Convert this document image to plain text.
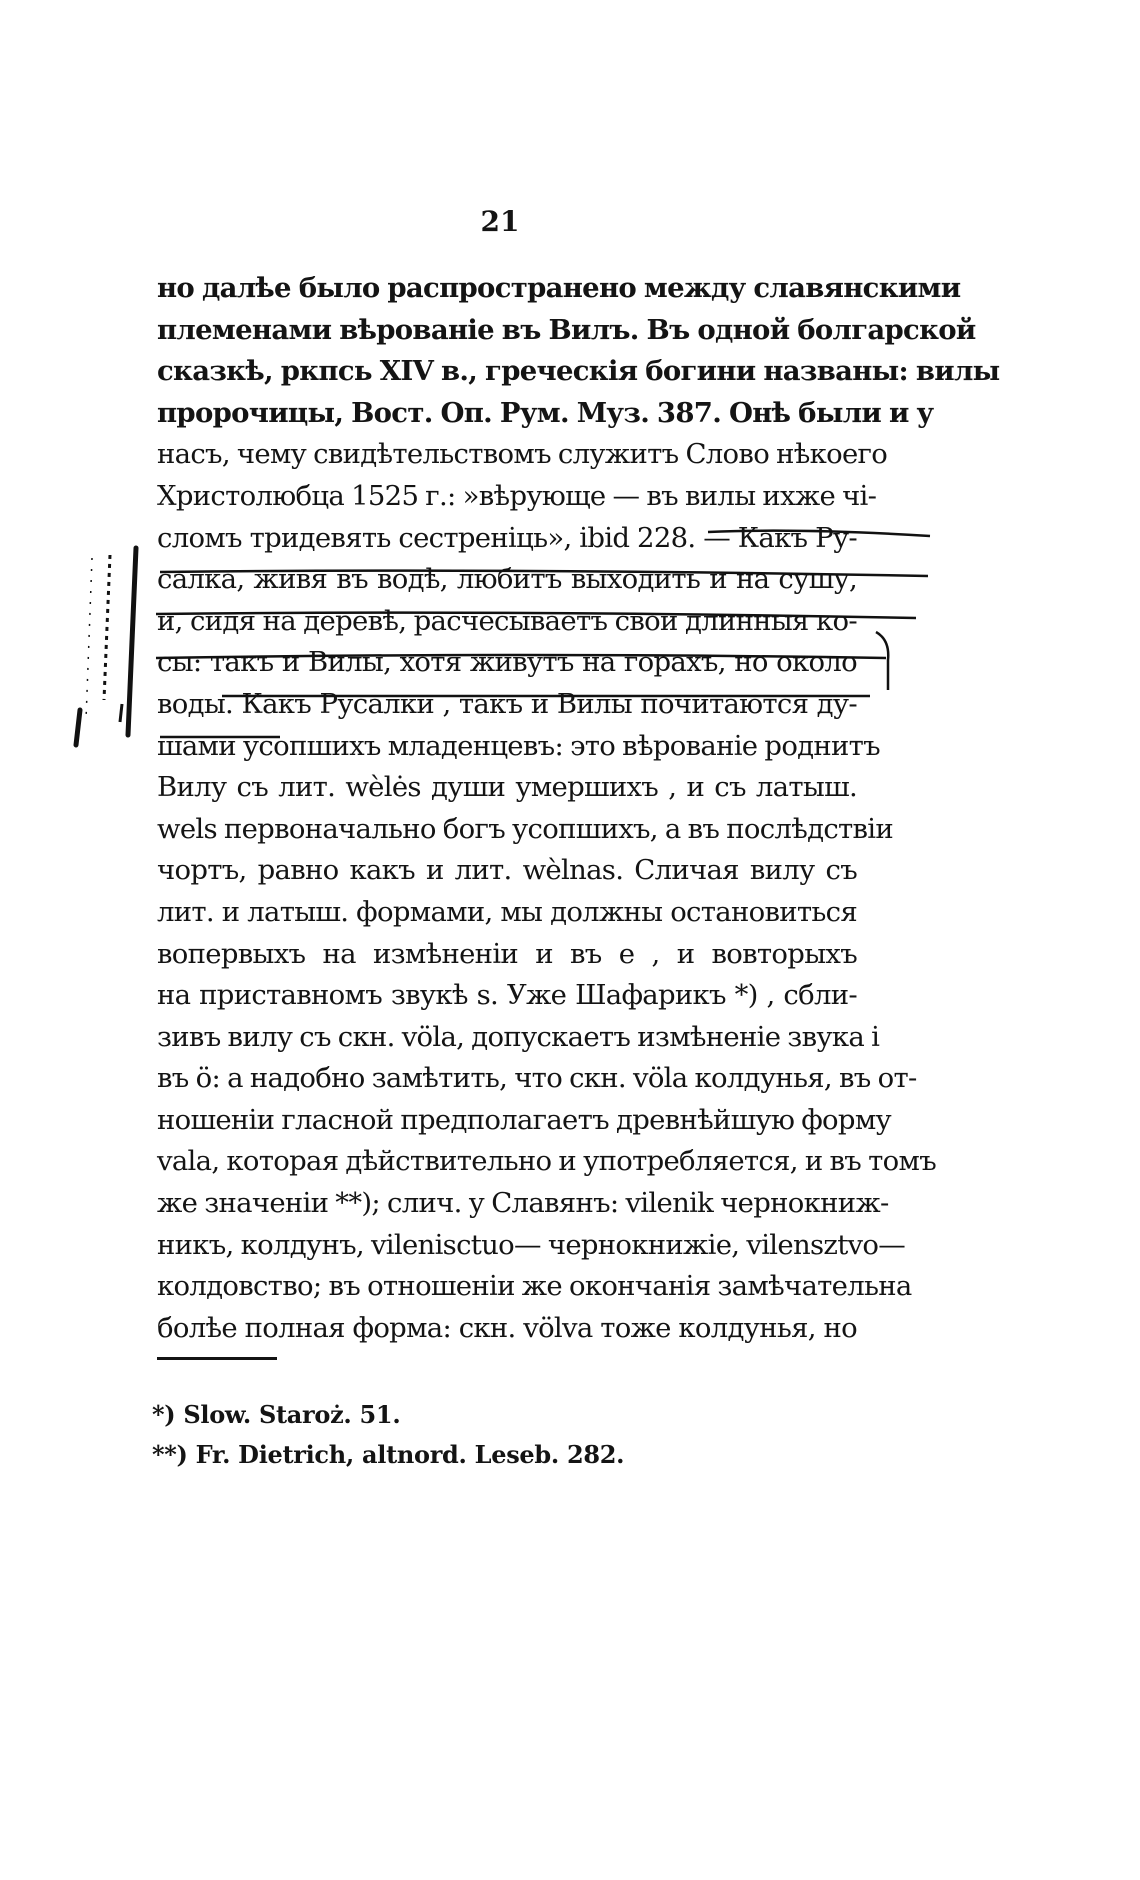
21
но далѣе было распространено между славянскими
племенами вѣрованіе въ Вилъ. Въ одной болгарской
сказкѣ, ркпсь XIV в., греческія богини названы: вилы
пророчицы, Вост. Оп. Рум. Муз. 387. Онѣ были и у
насъ, чему свидѣтельствомъ служитъ Слово нѣкоего
Христолюбца 1525 г.: »вѣрующе — въ вилы ихже чі-
сломъ тридевять сестреніць», ibid 228. — Какъ Ру-
салка, живя въ водѣ, любитъ выходить и на сушу,
и, сидя на деревѣ, расчесываетъ свои длинныя ко-
сы: такъ и Вилы, хотя живутъ на горахъ, но около
воды. Какъ Русалки , такъ и Вилы почитаются ду-
шами усопшихъ младенцевъ: это вѣрованіе роднитъ
Вилу съ лит. wèlės души умершихъ , и съ латыш.
wels первоначально богъ усопшихъ, а въ послѣдствіи
чортъ, равно какъ и лит. wèlnas. Сличая вилу съ
лит. и латыш. формами, мы должны остановиться
вопервыхъ на измѣненіи и въ е , и вовторыхъ
на приставномъ звукѣ s. Уже Шафарикъ *) , сбли-
зивъ вилу съ скн. vӧla, допускаетъ измѣненіе звука і
въ ӧ: а надобно замѣтить, что скн. vӧla колдунья, въ от-
ношеніи гласной предполагаетъ древнѣйшую форму
vala, которая дѣйствительно и употребляется, и въ томъ
же значеніи **); слич. у Славянъ: vilenik чернокниж-
никъ, колдунъ, vilenisctuo— чернокнижіе, vilensztvo—
колдовство; въ отношеніи же окончанія замѣчательна
болѣе полная форма: скн. vӧlva тоже колдунья, но
*) Slow. Staroż. 51.
**) Fr. Dietrich, altnord. Leseb. 282.
